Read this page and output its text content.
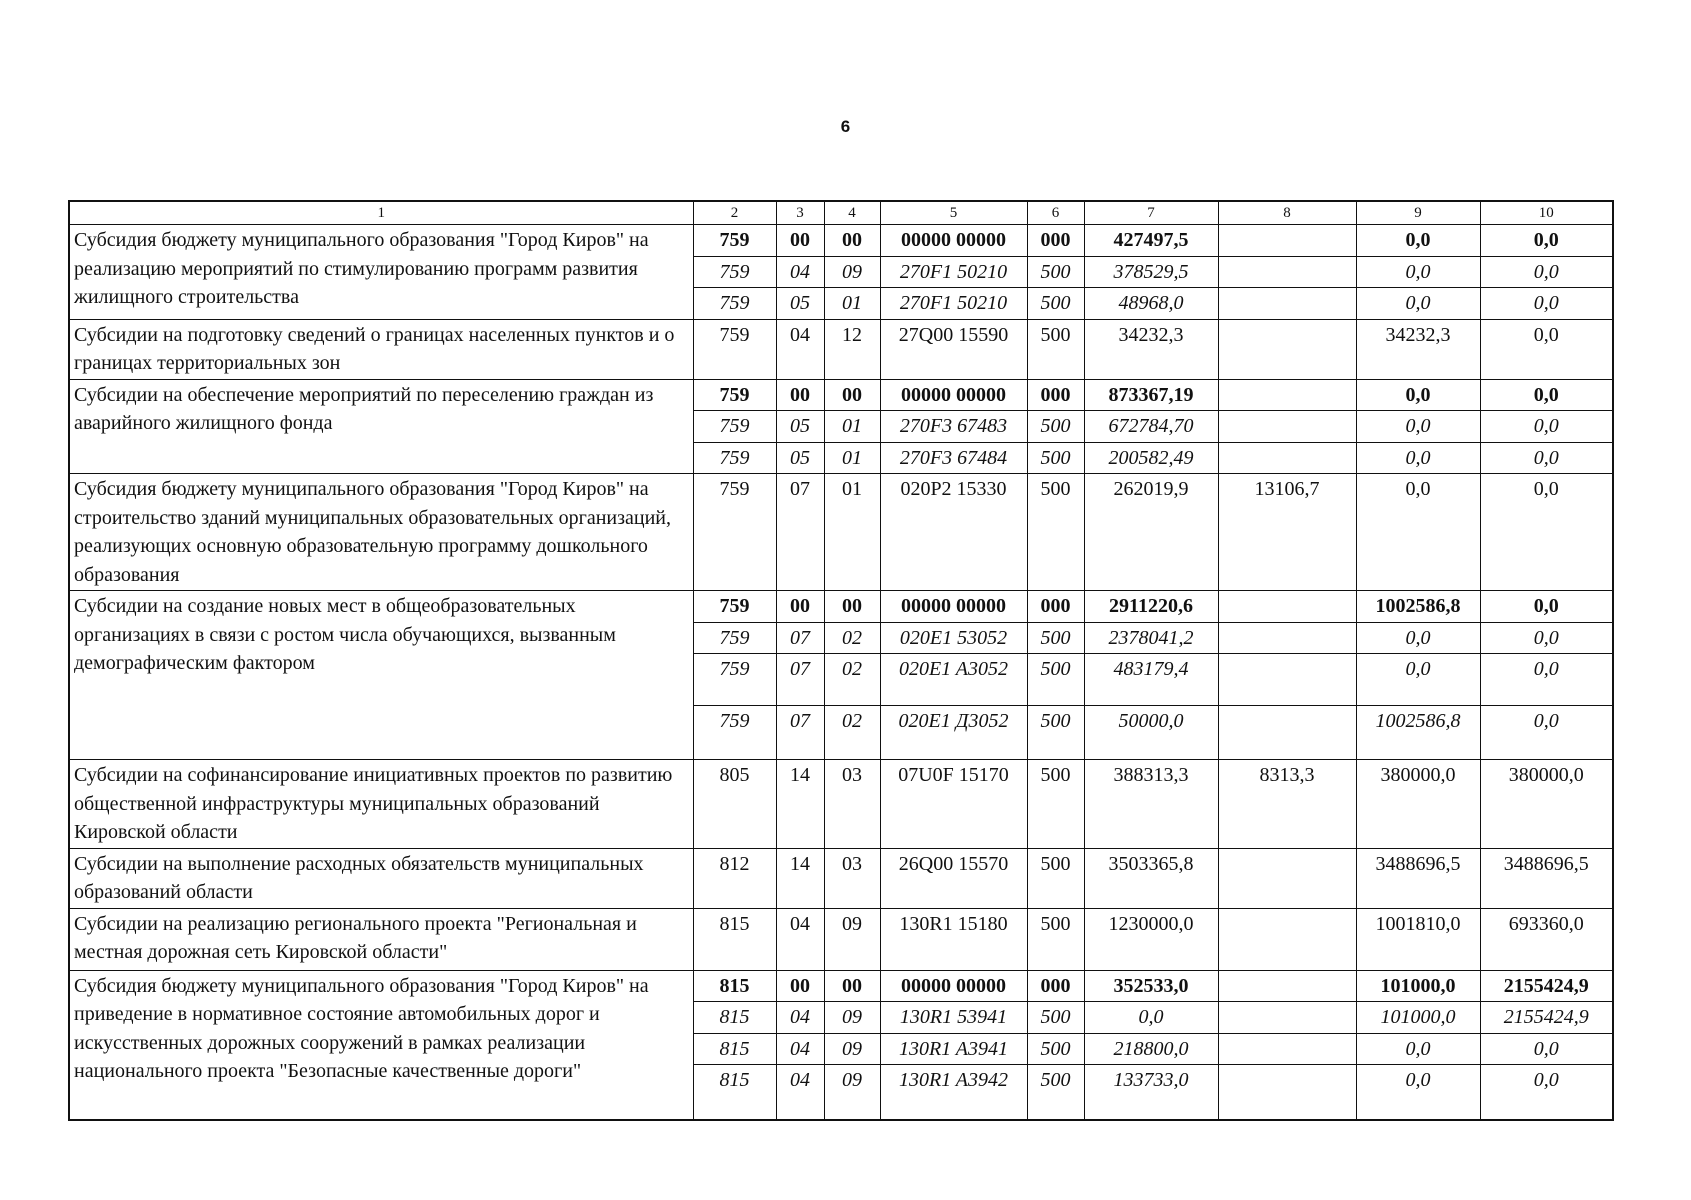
6
1	2	3	4	5	6	7	8	9	10
Субсидия бюджету муниципального образования "Город Киров" на реализацию мероприятий по стимулированию программ развития жилищного строительства	759	00	00	00000 00000	000	427497,5		0,0	0,0
	759	04	09	270F1 50210	500	378529,5		0,0	0,0
	759	05	01	270F1 50210	500	48968,0		0,0	0,0
Субсидии на подготовку сведений о границах населенных пунктов и о границах территориальных зон	759	04	12	27Q00 15590	500	34232,3		34232,3	0,0
Субсидии на обеспечение мероприятий по переселению граждан из аварийного жилищного фонда	759	00	00	00000 00000	000	873367,19		0,0	0,0
	759	05	01	270F3 67483	500	672784,70		0,0	0,0
	759	05	01	270F3 67484	500	200582,49		0,0	0,0
Субсидия бюджету муниципального образования "Город Киров" на строительство зданий муниципальных образовательных организаций, реализующих основную образовательную программу дошкольного образования	759	07	01	020P2 15330	500	262019,9	13106,7	0,0	0,0
Субсидии на создание новых мест в общеобразовательных организациях в связи с ростом числа обучающихся, вызванным демографическим фактором	759	00	00	00000 00000	000	2911220,6		1002586,8	0,0
	759	07	02	020E1 53052	500	2378041,2		0,0	0,0
	759	07	02	020E1 A3052	500	483179,4		0,0	0,0
	759	07	02	020E1 Д3052	500	50000,0		1002586,8	0,0
Субсидии на софинансирование инициативных проектов по развитию общественной инфраструктуры муниципальных образований Кировской области	805	14	03	07U0F 15170	500	388313,3	8313,3	380000,0	380000,0
Субсидии на выполнение расходных обязательств муниципальных образований области	812	14	03	26Q00 15570	500	3503365,8		3488696,5	3488696,5
Субсидии на реализацию регионального проекта "Региональная и местная дорожная сеть Кировской области"	815	04	09	130R1 15180	500	1230000,0		1001810,0	693360,0
Субсидия бюджету муниципального образования "Город Киров" на приведение в нормативное состояние автомобильных дорог и искусственных дорожных сооружений в рамках реализации национального проекта "Безопасные качественные дороги"	815	00	00	00000 00000	000	352533,0		101000,0	2155424,9
	815	04	09	130R1 53941	500	0,0		101000,0	2155424,9
	815	04	09	130R1 A3941	500	218800,0		0,0	0,0
	815	04	09	130R1 A3942	500	133733,0		0,0	0,0
